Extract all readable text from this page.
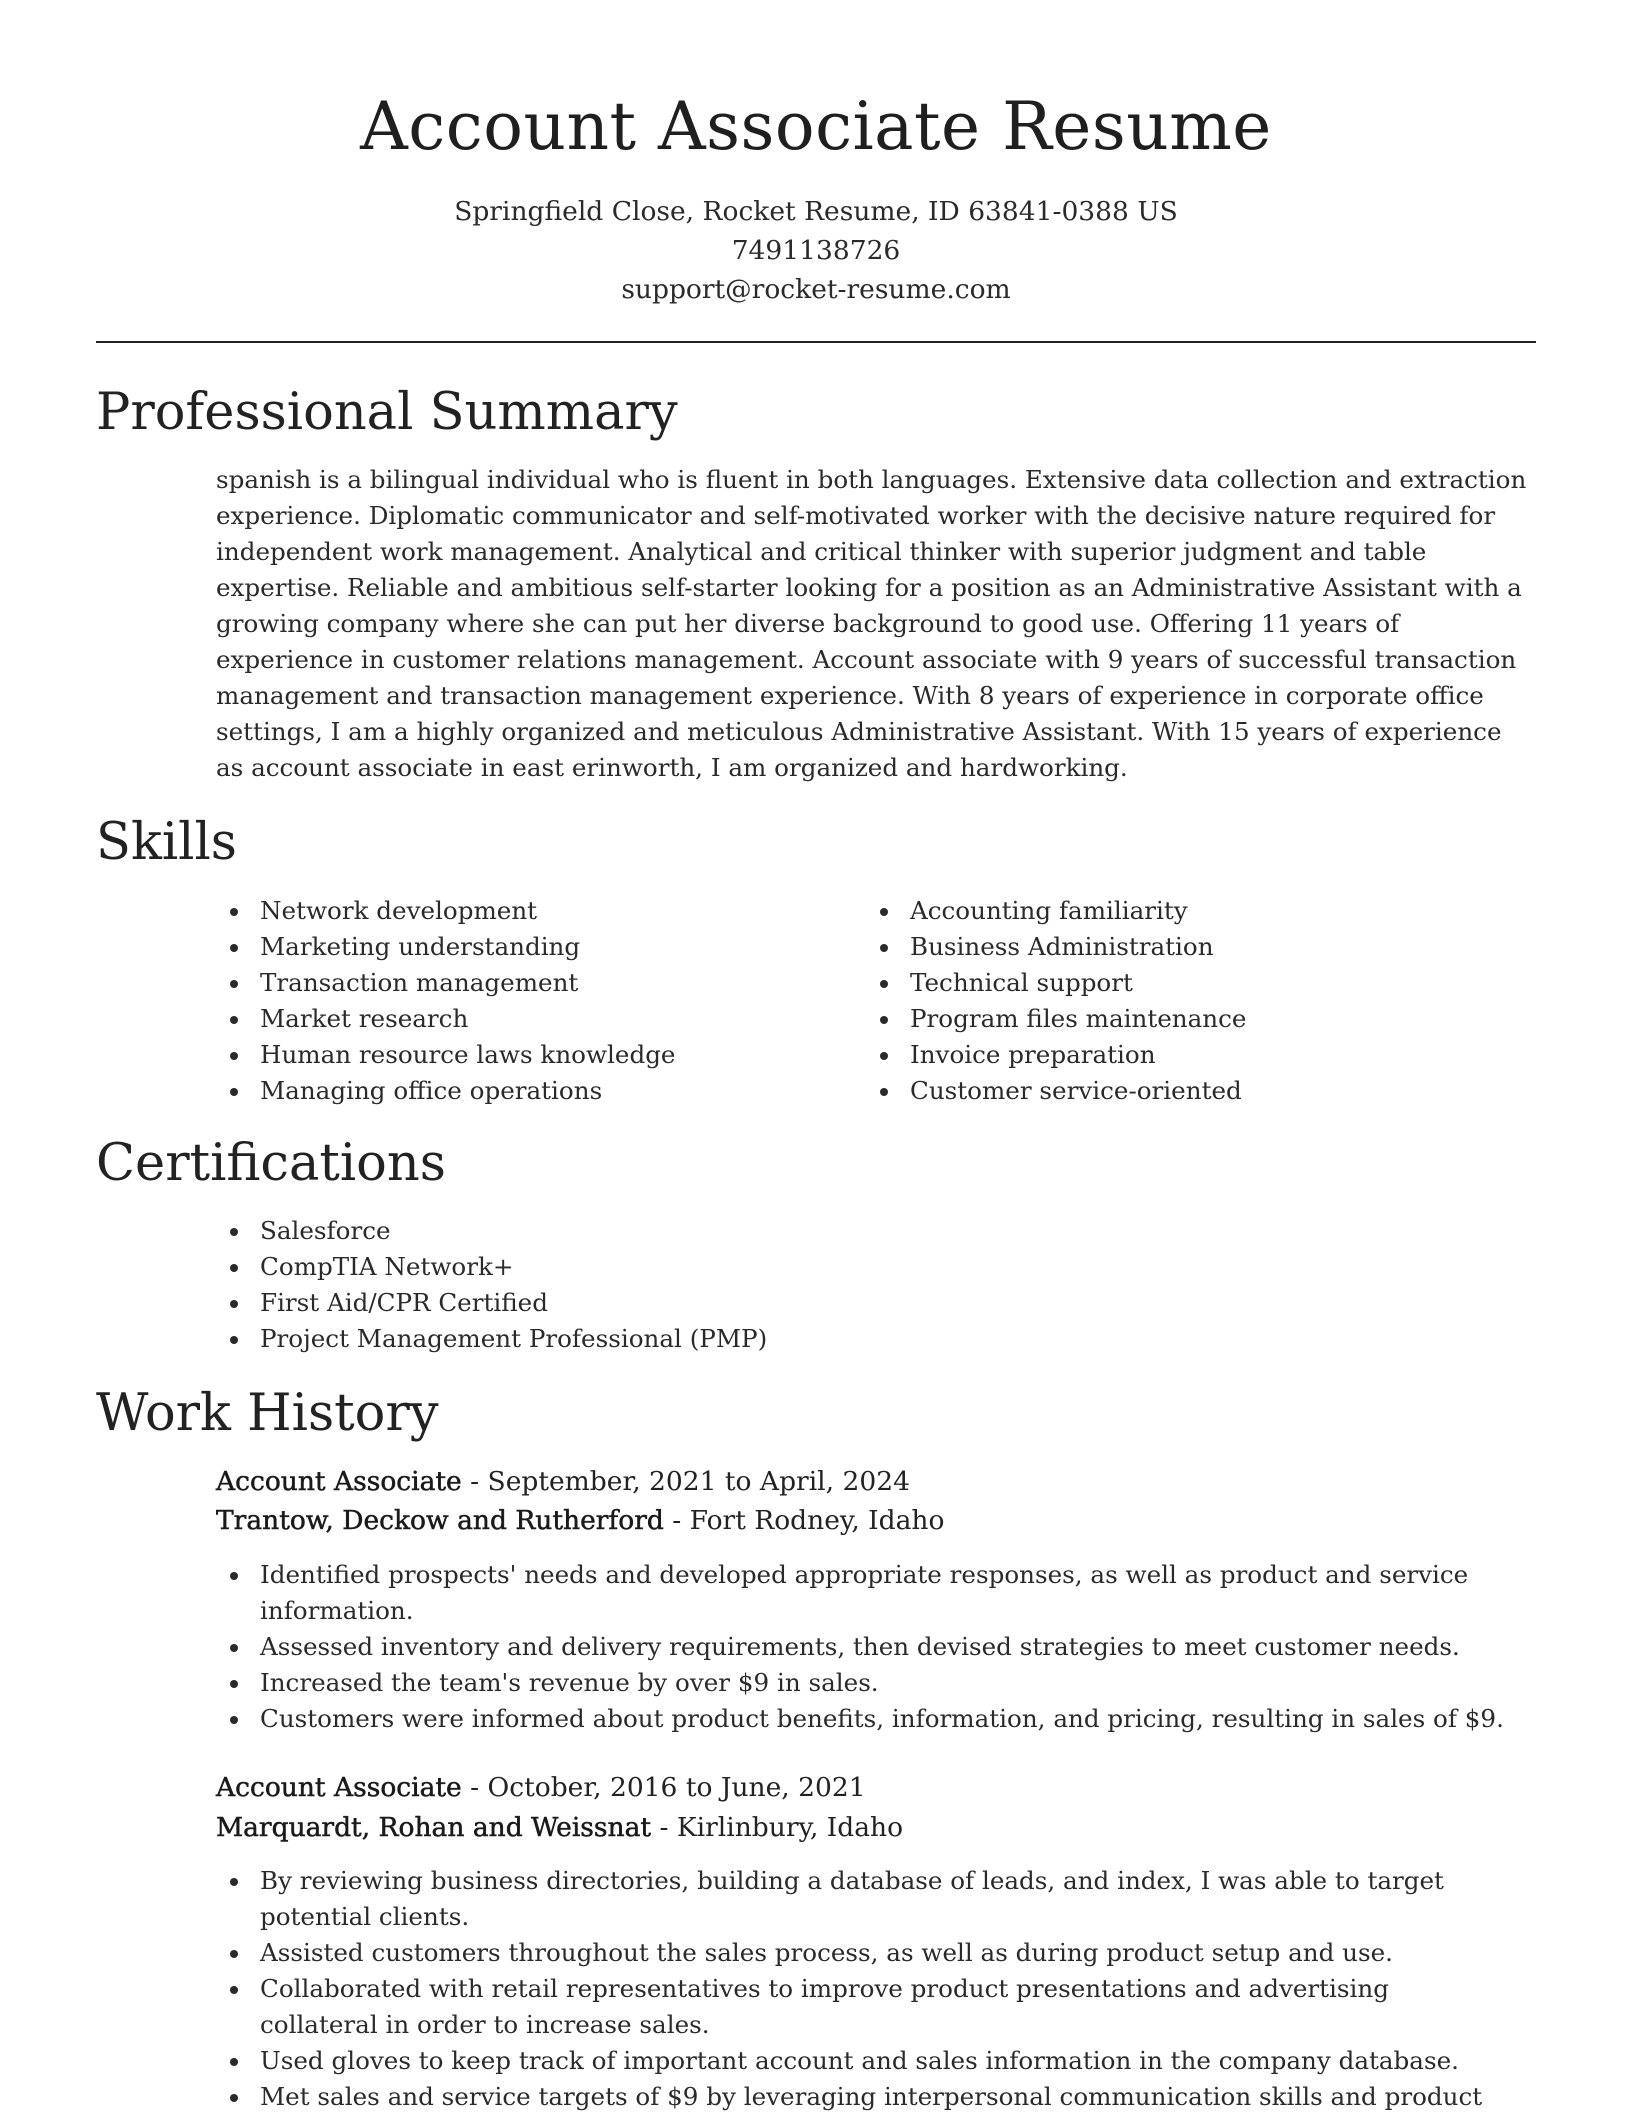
Account Associate Resume
Springfield Close, Rocket Resume, ID 63841-0388 US
7491138726
support@rocket-resume.com
Professional Summary

spanish is a bilingual individual who is fluent in both languages. Extensive data collection and extraction experience. Diplomatic communicator and self-motivated worker with the decisive nature required for independent work management. Analytical and critical thinker with superior judgment and table expertise. Reliable and ambitious self-starter looking for a position as an Administrative Assistant with a growing company where she can put her diverse background to good use. Offering 11 years of experience in customer relations management. Account associate with 9 years of successful transaction management and transaction management experience. With 8 years of experience in corporate office settings, I am a highly organized and meticulous Administrative Assistant. With 15 years of experience as account associate in east erinworth, I am organized and hardworking.

Skills
Network development
Marketing understanding
Transaction management
Market research
Human resource laws knowledge
Managing office operations
Accounting familiarity
Business Administration
Technical support
Program files maintenance
Invoice preparation
Customer service-oriented
Certifications
Salesforce
CompTIA Network+
First Aid/CPR Certified
Project Management Professional (PMP)
Work History
Account Associate - September, 2021 to April, 2024
Trantow, Deckow and Rutherford - Fort Rodney, Idaho
Identified prospects' needs and developed appropriate responses, as well as product and service information.
Assessed inventory and delivery requirements, then devised strategies to meet customer needs.
Increased the team's revenue by over $9 in sales.
Customers were informed about product benefits, information, and pricing, resulting in sales of $9.
Account Associate - October, 2016 to June, 2021
Marquardt, Rohan and Weissnat - Kirlinbury, Idaho
By reviewing business directories, building a database of leads, and index, I was able to target potential clients.
Assisted customers throughout the sales process, as well as during product setup and use.
Collaborated with retail representatives to improve product presentations and advertising collateral in order to increase sales.
Used gloves to keep track of important account and sales information in the company database.
Met sales and service targets of $9 by leveraging interpersonal communication skills and product
